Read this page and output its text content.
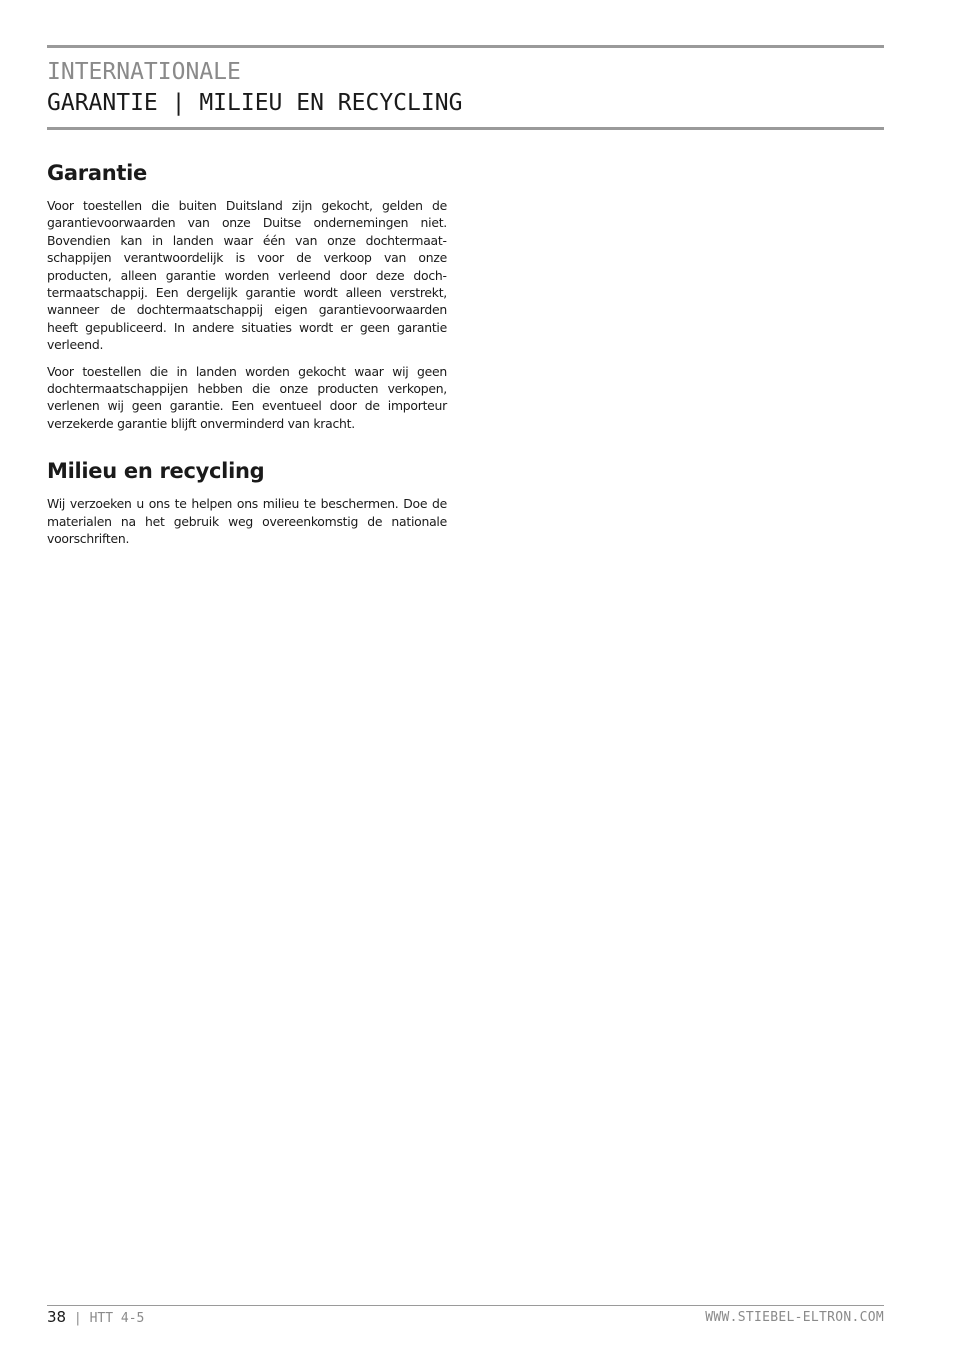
INTERNATIONALE
GARANTIE | MILIEU EN RECYCLING
Garantie

Voor toestellen die buiten Duitsland zijn gekocht, gelden de garantievoorwaarden van onze Duitse ondernemingen niet. Bovendien kan in landen waar één van onze dochtermaatschappijen verantwoordelijk is voor de verkoop van onze producten, alleen garantie worden verleend door deze dochtermaatschappij. Een dergelijk garantie wordt alleen verstrekt, wanneer de dochtermaatschappij eigen garantievoorwaarden heeft gepubliceerd. In andere situaties wordt er geen garantie verleend.

Voor toestellen die in landen worden gekocht waar wij geen dochtermaatschappijen hebben die onze producten verkopen, verlenen wij geen garantie. Een eventueel door de importeur verzekerde garantie blijft onverminderd van kracht.

Milieu en recycling

Wij verzoeken u ons te helpen ons milieu te beschermen. Doe de materialen na het gebruik weg overeenkomstig de nationale voorschriften.

38 | HTT 4-5	WWW.STIEBEL-ELTRON.COM
